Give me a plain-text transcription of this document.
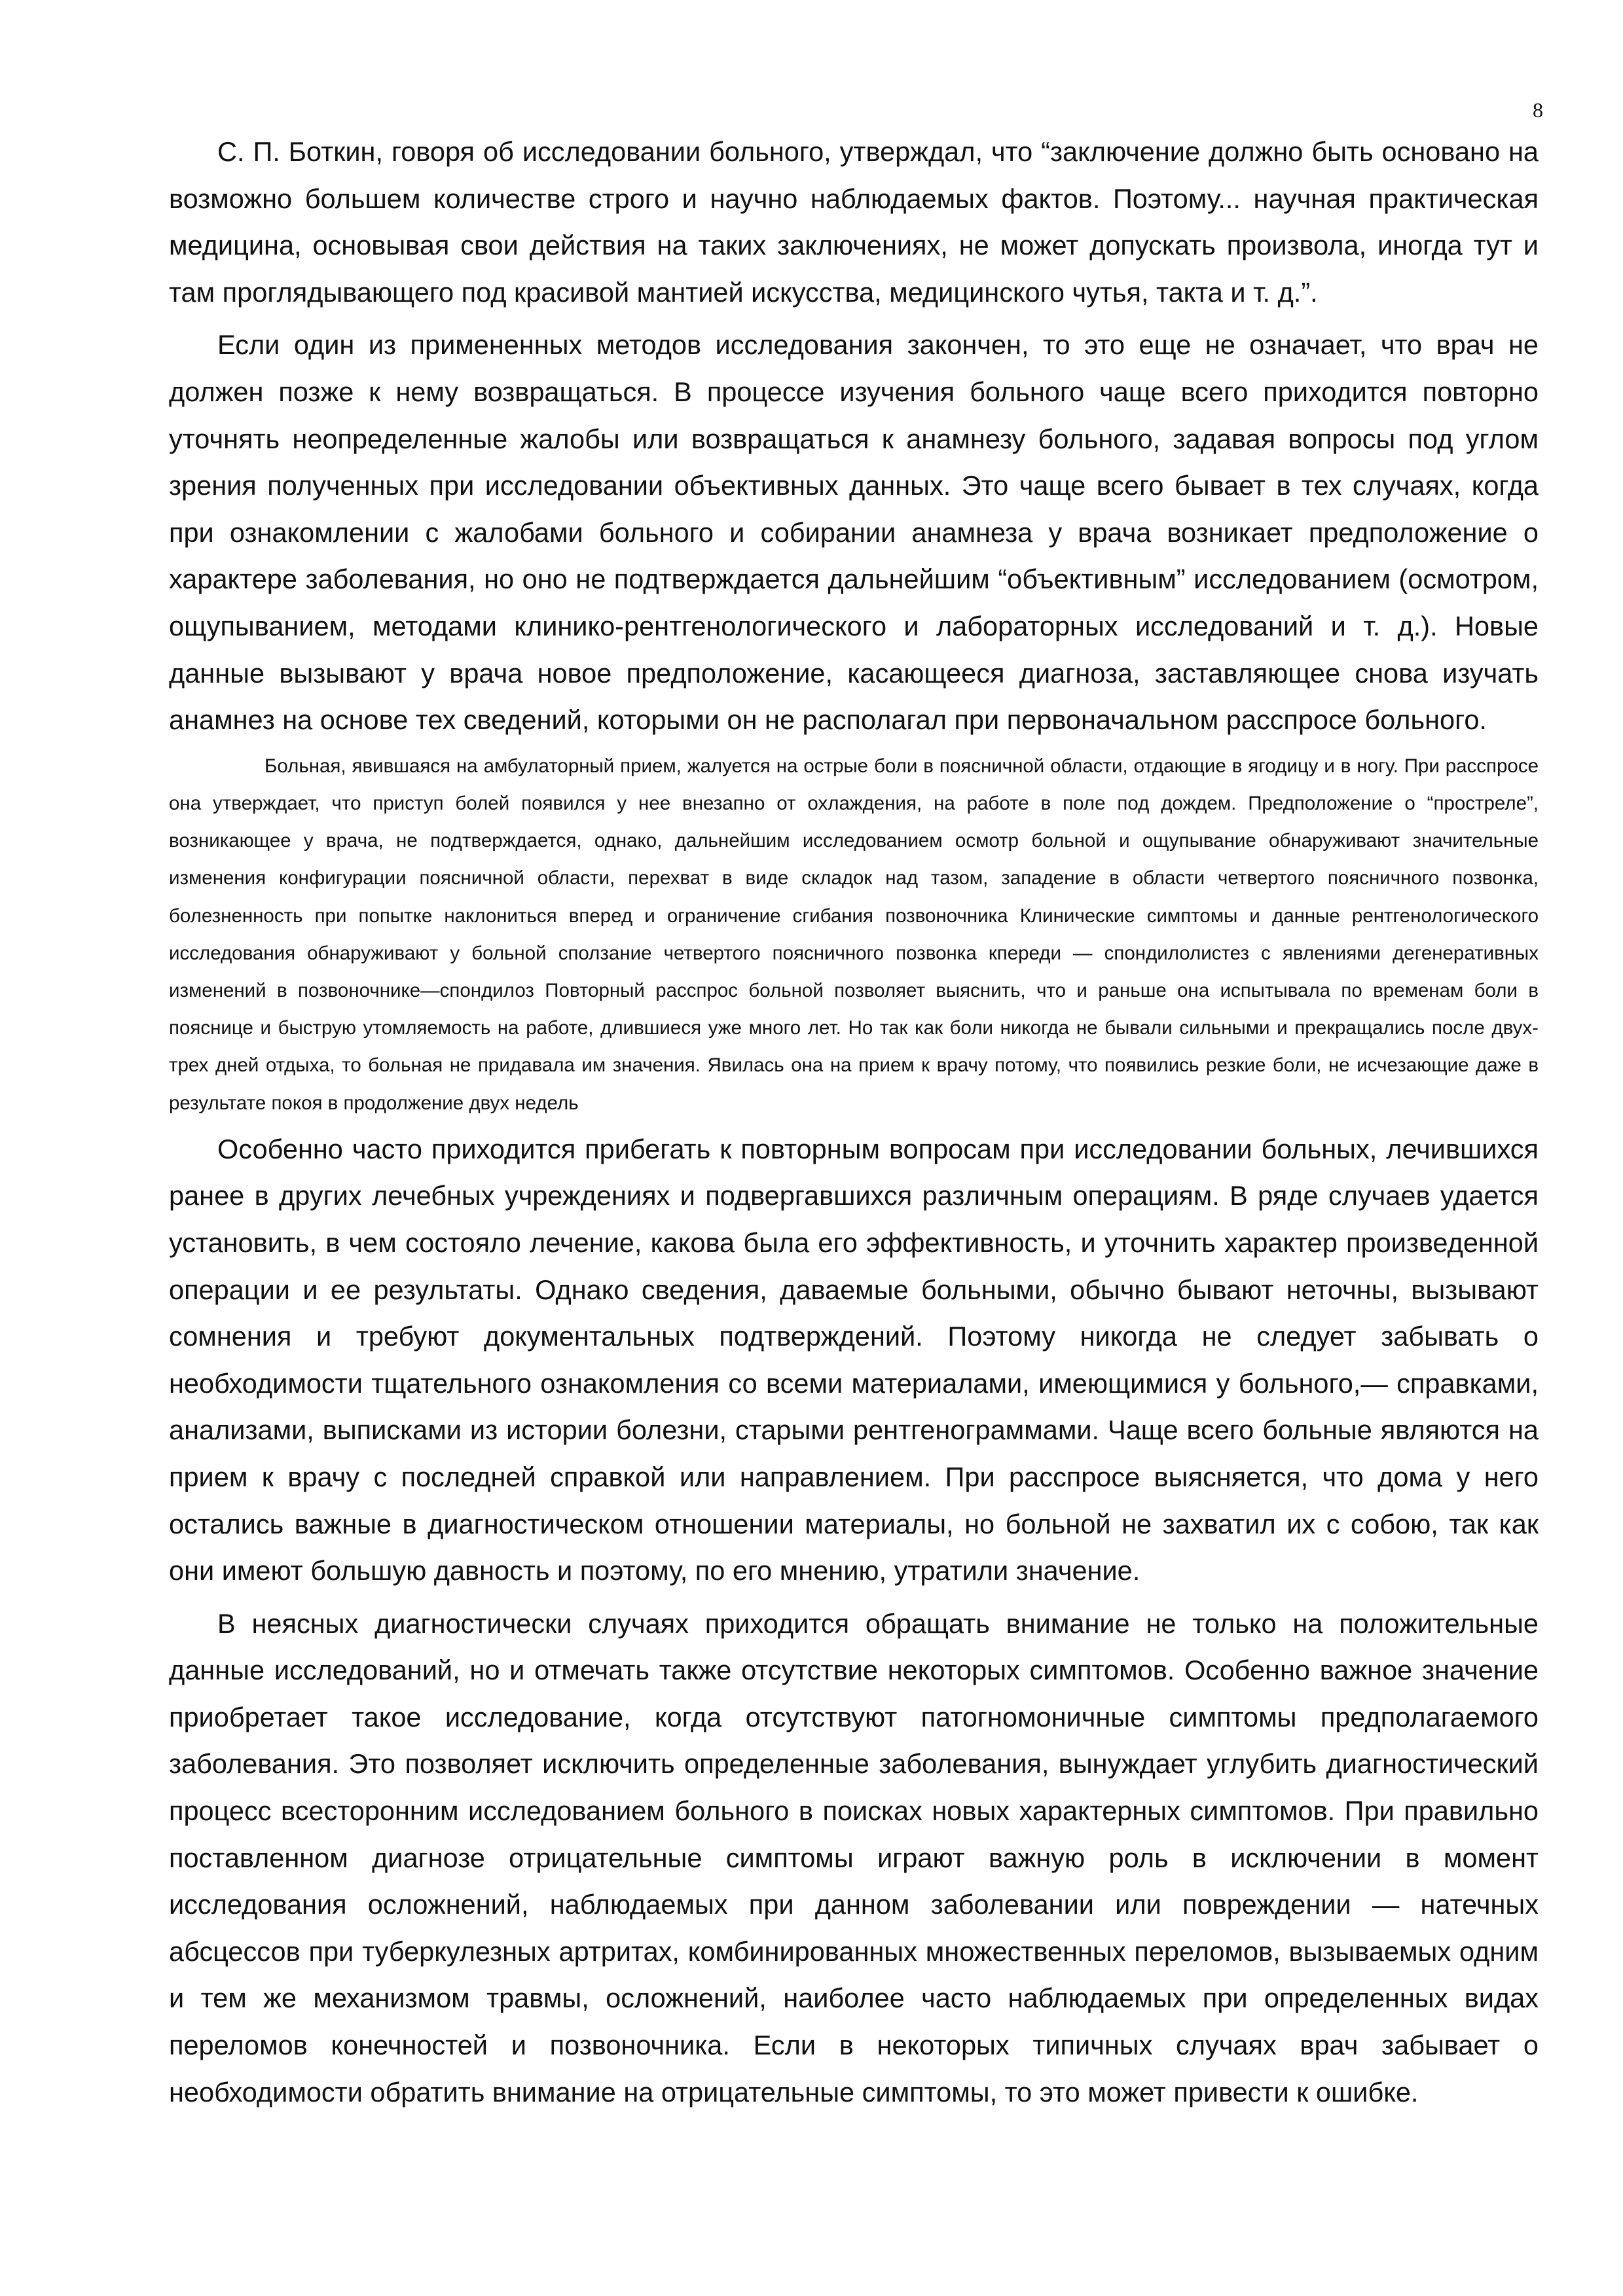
8

С. П. Боткин, говоря об исследовании больного, утверждал, что “заключение должно быть основано на возможно большем количестве строго и научно наблюдаемых фактов. Поэтому... научная практическая медицина, основывая свои действия на таких заключениях, не может допускать произвола, иногда тут и там проглядывающего под красивой мантией искусства, медицинского чутья, такта и т. д.”.

Если один из примененных методов исследования закончен, то это еще не означает, что врач не должен позже к нему возвращаться. В процессе изучения больного чаще всего приходится повторно уточнять неопределенные жалобы или возвращаться к анамнезу больного, задавая вопросы под углом зрения полученных при исследовании объективных данных. Это чаще всего бывает в тех случаях, когда при ознакомлении с жалобами больного и собирании анамнеза у врача возникает предположение о характере заболевания, но оно не подтверждается дальнейшим “объективным” исследованием (осмотром, ощупыванием, методами клинико-рентгенологического и лабораторных исследований и т. д.). Новые данные вызывают у врача новое предположение, касающееся диагноза, заставляющее снова изучать анамнез на основе тех сведений, которыми он не располагал при первоначальном расспросе больного.

Больная, явившаяся на амбулаторный прием, жалуется на острые боли в поясничной области, отдающие в ягодицу и в ногу. При расспросе она утверждает, что приступ болей появился у нее внезапно от охлаждения, на работе в поле под дождем. Предположение о “прострелe”, возникающее у врача, не подтверждается, однако, дальнейшим исследованием осмотр больной и ощупывание обнаруживают значительные изменения конфигурации поясничной области, перехват в виде складок над тазом, западение в области четвертого поясничного позвонка, болезненность при попытке наклониться вперед и ограничение сгибания позвоночника Клинические симптомы и данные рентгенологического исследования обнаруживают у больной сползание четвертого поясничного позвонка кпереди — спондилолистез с явлениями дегенеративных изменений в позвоночнике—спондилоз Повторный расспрос больной позволяет выяснить, что и раньше она испытывала по временам боли в пояснице и быструю утомляемость на работе, длившиеся уже много лет. Но так как боли никогда не бывали сильными и прекращались после двух-трех дней отдыха, то больная не придавала им значения. Явилась она на прием к врачу потому, что появились резкие боли, не исчезающие даже в результате покоя в продолжение двух недель

Особенно часто приходится прибегать к повторным вопросам при исследовании больных, лечившихся ранее в других лечебных учреждениях и подвергавшихся различным операциям. В ряде случаев удается установить, в чем состояло лечение, какова была его эффективность, и уточнить характер произведенной операции и ее результаты. Однако сведения, даваемые больными, обычно бывают неточны, вызывают сомнения и требуют документальных подтверждений. Поэтому никогда не следует забывать о необходимости тщательного ознакомления со всеми материалами, имеющимися у больного,— справками, анализами, выписками из истории болезни, старыми рентгенограммами. Чаще всего больные являются на прием к врачу с последней справкой или направлением. При расспросе выясняется, что дома у него остались важные в диагностическом отношении материалы, но больной не захватил их с собою, так как они имеют большую давность и поэтому, по его мнению, утратили значение.

В неясных диагностически случаях приходится обращать внимание не только на положительные данные исследований, но и отмечать также отсутствие некоторых симптомов. Особенно важное значение приобретает такое исследование, когда отсутствуют патогномоничные симптомы предполагаемого заболевания. Это позволяет исключить определенные заболевания, вынуждает углубить диагностический процесс всесторонним исследованием больного в поисках новых характерных симптомов. При правильно поставленном диагнозе отрицательные симптомы играют важную роль в исключении в момент исследования осложнений, наблюдаемых при данном заболевании или повреждении — натечных абсцессов при туберкулезных артритах, комбинированных множественных переломов, вызываемых одним и тем же механизмом травмы, осложнений, наиболее часто наблюдаемых при определенных видах переломов конечностей и позвоночника. Если в некоторых типичных случаях врач забывает о необходимости обратить внимание на отрицательные симптомы, то это может привести к ошибке.
